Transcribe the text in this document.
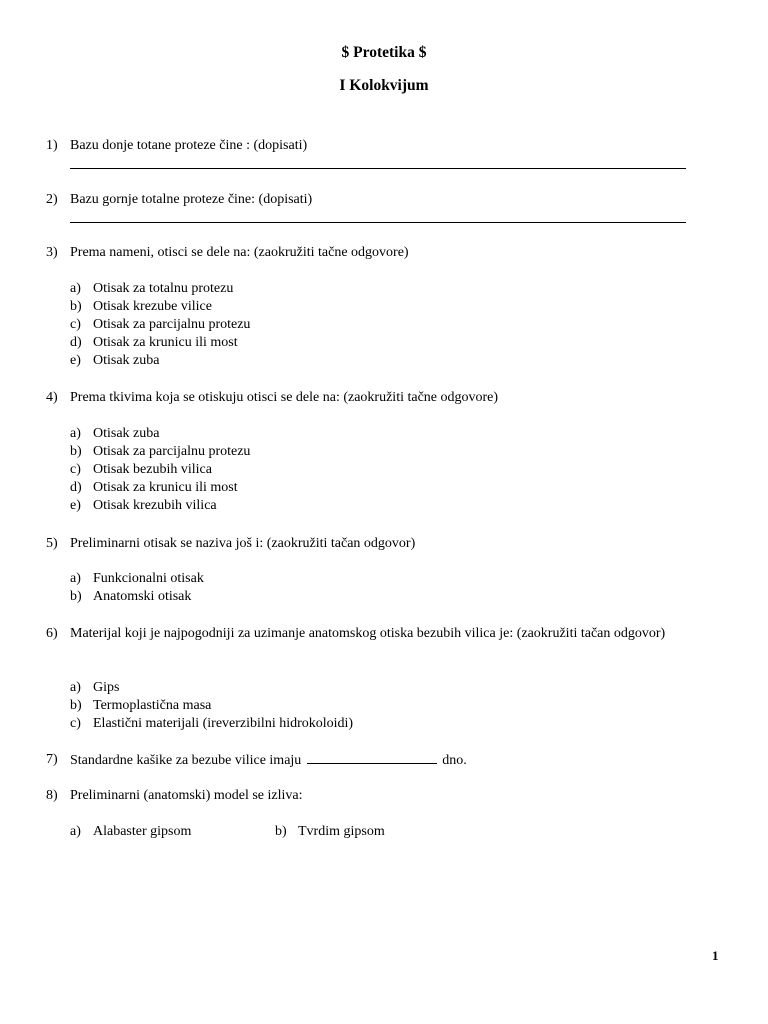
$ Protetika $
I Kolokvijum
1) Bazu donje totane proteze čine : (dopisati)
2) Bazu gornje totalne proteze čine: (dopisati)
3) Prema nameni, otisci se dele na: (zaokružiti tačne odgovore)
a) Otisak za totalnu protezu
b) Otisak krezube vilice
c) Otisak za parcijalnu protezu
d) Otisak za krunicu ili most
e) Otisak zuba
4) Prema tkivima koja se otiskuju otisci se dele na: (zaokružiti tačne odgovore)
a) Otisak zuba
b) Otisak za parcijalnu protezu
c) Otisak bezubih vilica
d) Otisak za krunicu ili most
e) Otisak krezubih vilica
5) Preliminarni otisak se naziva još i: (zaokružiti tačan odgovor)
a) Funkcionalni otisak
b) Anatomski otisak
6) Materijal koji je najpogodniji za uzimanje anatomskog otiska bezubih vilica je: (zaokružiti tačan odgovor)
a) Gips
b) Termoplastična masa
c) Elastični materijali (ireverzibilni hidrokoloidi)
7) Standardne kašike za bezube vilice imaju	dno.
8) Preliminarni (anatomski) model se izliva:
a) Alabaster gipsom	b) Tvrdim gipsom
1
